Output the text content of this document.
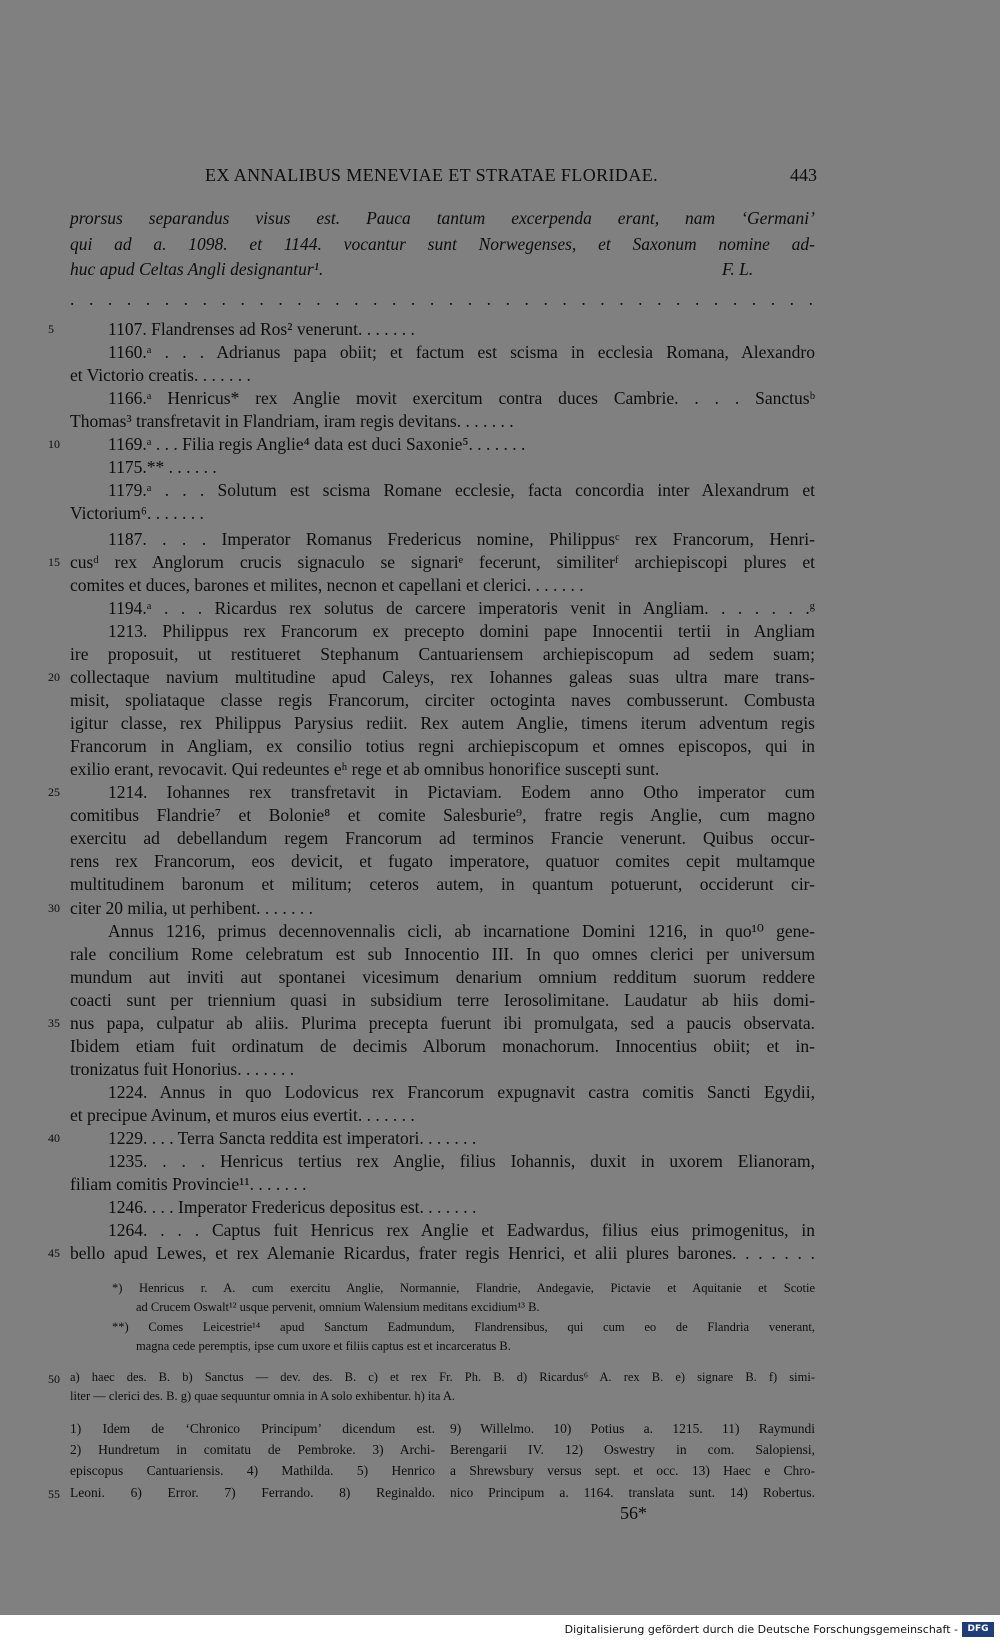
EX ANNALIBUS MENEVIAE ET STRATAE FLORIDAE.	443
prorsus separandus visus est. Pauca tantum excerpenda erant, nam ‘Germani’
qui ad a. 1098. et 1144. vocantur sunt Norwegenses, et Saxonum nomine ad-
huc apud Celtas Angli designantur¹.	F. L.
. . . . . . . . . . . . . . . . . . . . . . . . . . . . . . . . . . . . . . . .
5
10
15
20
25
30
35
40
45
50
55
1107. Flandrenses ad Ros² venerunt. . . . . . .
1160.ᵃ . . . Adrianus papa obiit; et factum est scisma in ecclesia Romana, Alexandro
et Victorio creatis. . . . . . .
1166.ᵃ Henricus* rex Anglie movit exercitum contra duces Cambrie. . . . Sanctusᵇ
Thomas³ transfretavit in Flandriam, iram regis devitans. . . . . . .
1169.ᵃ . . . Filia regis Anglie⁴ data est duci Saxonie⁵. . . . . . .
1175.** . . . . . .
1179.ᵃ . . . Solutum est scisma Romane ecclesie, facta concordia inter Alexandrum et
Victorium⁶. . . . . . .
1187. . . . Imperator Romanus Fredericus nomine, Philippusᶜ rex Francorum, Henri-
cusᵈ rex Anglorum crucis signaculo se signariᵉ fecerunt, similiterᶠ archiepiscopi plures et
comites et duces, barones et milites, necnon et capellani et clerici. . . . . . .
1194.ᵃ . . . Ricardus rex solutus de carcere imperatoris venit in Angliam. . . . . . .ᵍ
1213. Philippus rex Francorum ex precepto domini pape Innocentii tertii in Angliam
ire proposuit, ut restitueret Stephanum Cantuariensem archiepiscopum ad sedem suam;
collectaque navium multitudine apud Caleys, rex Iohannes galeas suas ultra mare trans-
misit, spoliataque classe regis Francorum, circiter octoginta naves combusserunt. Combusta
igitur classe, rex Philippus Parysius rediit. Rex autem Anglie, timens iterum adventum regis
Francorum in Angliam, ex consilio totius regni archiepiscopum et omnes episcopos, qui in
exilio erant, revocavit. Qui redeuntes eʰ rege et ab omnibus honorifice suscepti sunt.
1214. Iohannes rex transfretavit in Pictaviam. Eodem anno Otho imperator cum
comitibus Flandrie⁷ et Bolonie⁸ et comite Salesburie⁹, fratre regis Anglie, cum magno
exercitu ad debellandum regem Francorum ad terminos Francie venerunt. Quibus occur-
rens rex Francorum, eos devicit, et fugato imperatore, quatuor comites cepit multamque
multitudinem baronum et militum; ceteros autem, in quantum potuerunt, occiderunt cir-
citer 20 milia, ut perhibent. . . . . . .
Annus 1216, primus decennovennalis cicli, ab incarnatione Domini 1216, in quo¹⁰ gene-
rale concilium Rome celebratum est sub Innocentio III. In quo omnes clerici per universum
mundum aut inviti aut spontanei vicesimum denarium omnium redditum suorum reddere
coacti sunt per triennium quasi in subsidium terre Ierosolimitane. Laudatur ab hiis domi-
nus papa, culpatur ab aliis. Plurima precepta fuerunt ibi promulgata, sed a paucis observata.
Ibidem etiam fuit ordinatum de decimis Alborum monachorum. Innocentius obiit; et in-
tronizatus fuit Honorius. . . . . . .
1224. Annus in quo Lodovicus rex Francorum expugnavit castra comitis Sancti Egydii,
et precipue Avinum, et muros eius evertit. . . . . . .
1229. . . . Terra Sancta reddita est imperatori. . . . . . .
1235. . . . Henricus tertius rex Anglie, filius Iohannis, duxit in uxorem Elianoram,
filiam comitis Provincie¹¹. . . . . . .
1246. . . . Imperator Fredericus depositus est. . . . . . .
1264. . . . Captus fuit Henricus rex Anglie et Eadwardus, filius eius primogenitus, in
bello apud Lewes, et rex Alemanie Ricardus, frater regis Henrici, et alii plures barones. . . . . . .
*) Henricus r. A. cum exercitu Anglie, Normannie, Flandrie, Andegavie, Pictavie et Aquitanie et Scotie
ad Crucem Oswalt¹² usque pervenit, omnium Walensium meditans excidium¹³ B.
**) Comes Leicestrie¹⁴ apud Sanctum Eadmundum, Flandrensibus, qui cum eo de Flandria venerant,
magna cede peremptis, ipse cum uxore et filiis captus est et incarceratus B.
a) haec des. B. b) Sanctus — dev. des. B. c) et rex Fr. Ph. B. d) Ricardus⁶ A. rex B. e) signare B. f) simi-
liter — clerici des. B. g) quae sequuntur omnia in A solo exhibentur. h) ita A.
1) Idem de ‘Chronico Principum’ dicendum est.
2) Hundretum in comitatu de Pembroke. 3) Archi-
episcopus Cantuariensis. 4) Mathilda. 5) Henrico
Leoni. 6) Error. 7) Ferrando. 8) Reginaldo.
9) Willelmo. 10) Potius a. 1215. 11) Raymundi
Berengarii IV. 12) Oswestry in com. Salopiensi,
a Shrewsbury versus sept. et occ. 13) Haec e Chro-
nico Principum a. 1164. translata sunt. 14) Robertus.
56*
Digitalisierung gefördert durch die Deutsche Forschungsgemeinschaft -	DFG
